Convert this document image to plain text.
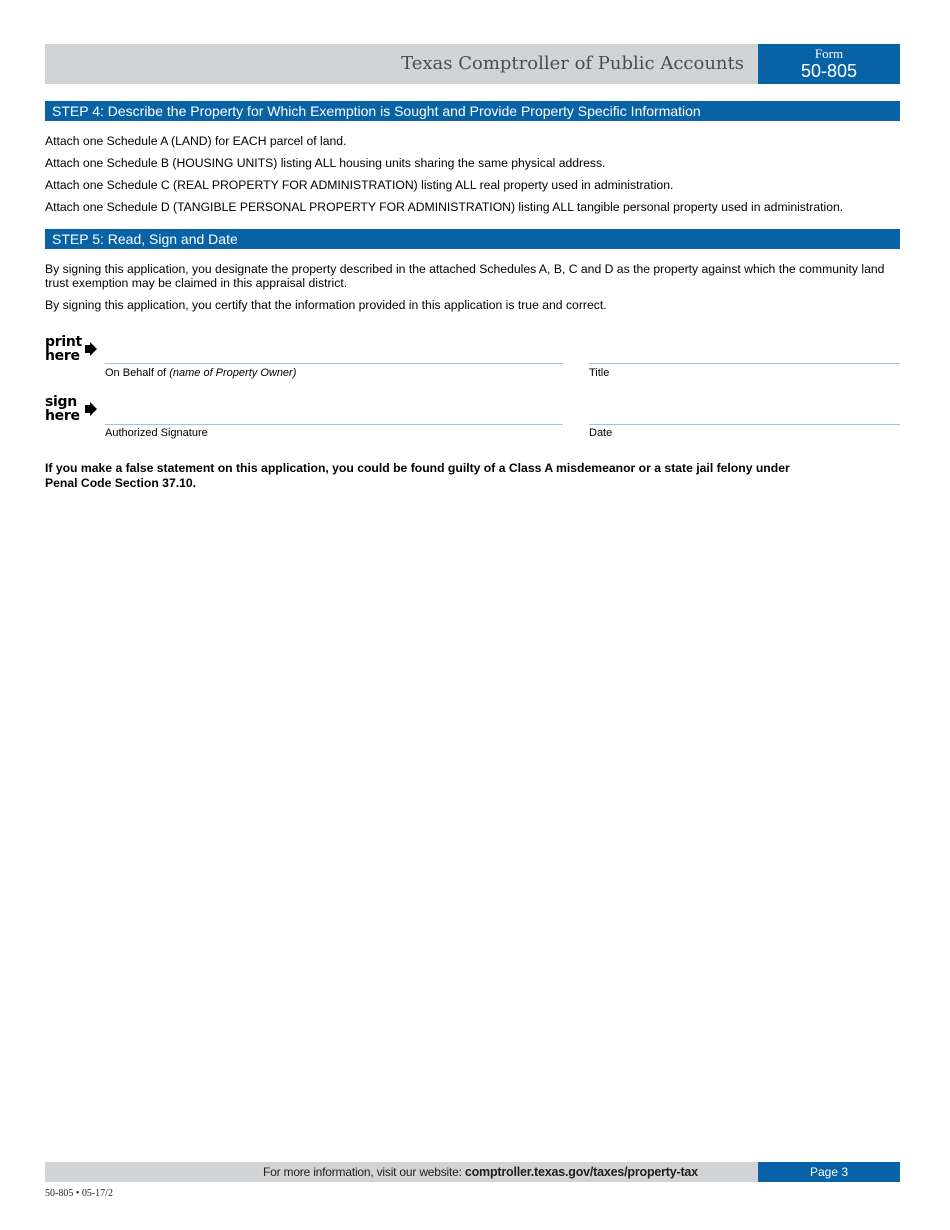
Texas Comptroller of Public Accounts	Form
50-805
STEP 4: Describe the Property for Which Exemption is Sought and Provide Property Specific Information

Attach one Schedule A (LAND) for EACH parcel of land.

Attach one Schedule B (HOUSING UNITS) listing ALL housing units sharing the same physical address.

Attach one Schedule C (REAL PROPERTY FOR ADMINISTRATION) listing ALL real property used in administration.

Attach one Schedule D (TANGIBLE PERSONAL PROPERTY FOR ADMINISTRATION) listing ALL tangible personal property used in administration.

STEP 5: Read, Sign and Date

By signing this application, you designate the property described in the attached Schedules A, B, C and D as the property against which the community land trust exemption may be claimed in this appraisal district.

By signing this application, you certify that the information provided in this application is true and correct.

print
here
sign
here
On Behalf of (name of Property Owner)	Title
Authorized Signature	Date

If you make a false statement on this application, you could be found guilty of a Class A misdemeanor or a state jail felony under
Penal Code Section 37.10.

For more information, visit our website: comptroller.texas.gov/taxes/property-tax	Page 3
50-805 • 05-17/2
